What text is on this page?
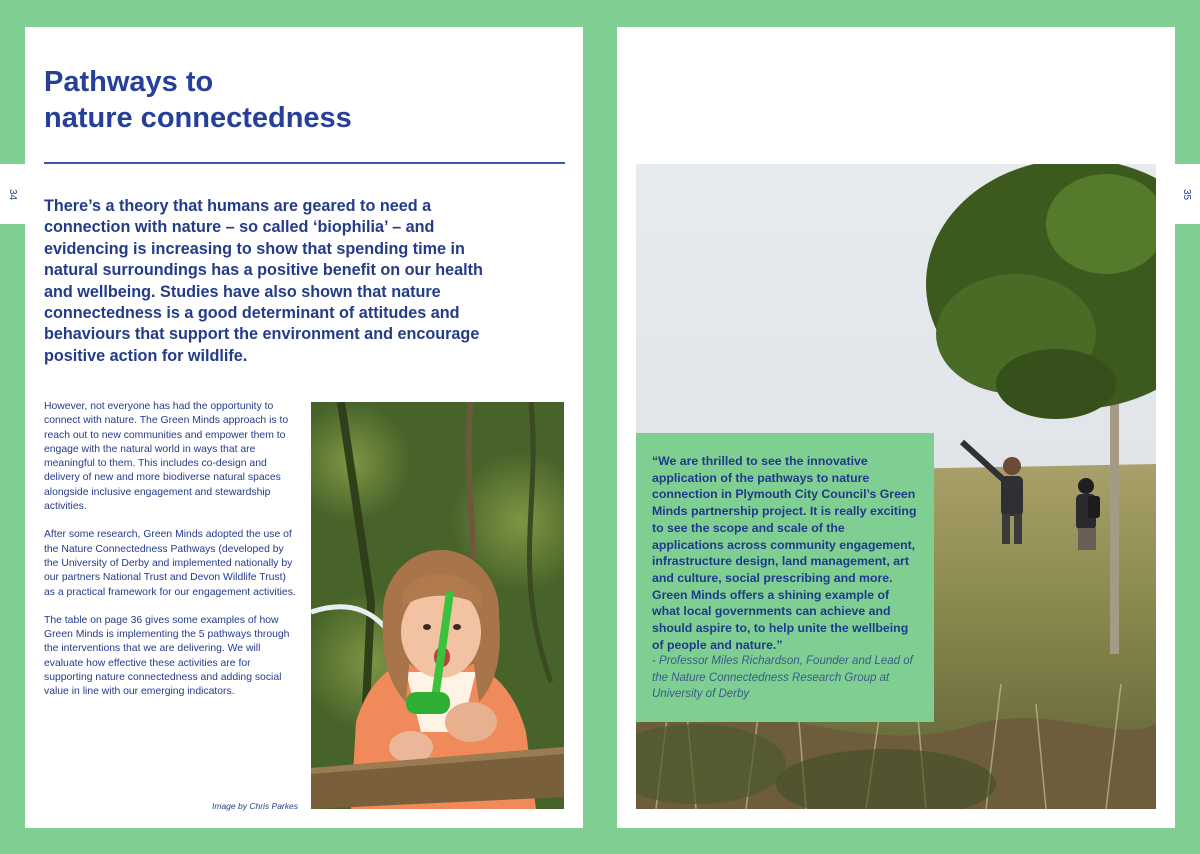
34	35
Pathways to
nature connectedness

There’s a theory that humans are geared to need a connection with nature – so called ‘biophilia’ – and evidencing is increasing to show that spending time in natural surroundings has a positive benefit on our health and wellbeing. Studies have also shown that nature connectedness is a good determinant of attitudes and behaviours that support the environment and encourage positive action for wildlife.

However, not everyone has had the opportunity to connect with nature. The Green Minds approach is to reach out to new communities and empower them to engage with the natural world in ways that are meaningful to them. This includes co-design and delivery of new and more biodiverse natural spaces alongside inclusive engagement and stewardship activities.

After some research, Green Minds adopted the use of the Nature Connectedness Pathways (developed by the University of Derby and implemented nationally by our partners National Trust and Devon Wildlife Trust) as a practical framework for our engagement activities.

The table on page 36 gives some examples of how Green Minds is implementing the 5 pathways through the interventions that we are delivering. We will evaluate how effective these activities are for supporting nature connectedness and adding social value in line with our emerging indicators.

Image by Chris Parkes

“We are thrilled to see the innovative application of the pathways to nature connection in Plymouth City Council’s Green Minds partnership project. It is really exciting to see the scope and scale of the applications across community engagement, infrastructure design, land management, art and culture, social prescribing and more. Green Minds offers a shining example of what local governments can achieve and should aspire to, to help unite the wellbeing of people and nature.”

- Professor Miles Richardson, Founder and Lead of the Nature Connectedness Research Group at University of Derby
